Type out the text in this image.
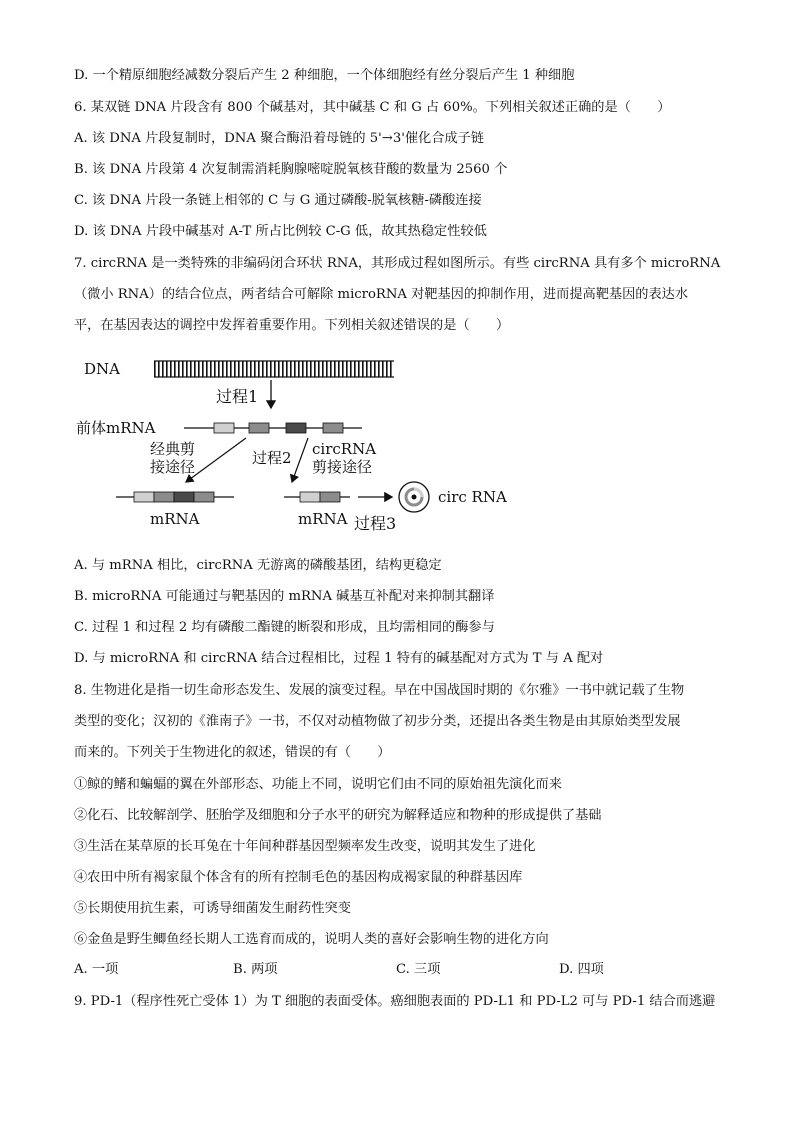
D. 一个精原细胞经减数分裂后产生 2 种细胞，一个体细胞经有丝分裂后产生 1 种细胞
6. 某双链 DNA 片段含有 800 个碱基对，其中碱基 C 和 G 占 60%。下列相关叙述正确的是（　　）
A. 该 DNA 片段复制时，DNA 聚合酶沿着母链的 5'→3'催化合成子链
B. 该 DNA 片段第 4 次复制需消耗胸腺嘧啶脱氧核苷酸的数量为 2560 个
C. 该 DNA 片段一条链上相邻的 C 与 G 通过磷酸-脱氧核糖-磷酸连接
D. 该 DNA 片段中碱基对 A-T 所占比例较 C-G 低，故其热稳定性较低
7. circRNA 是一类特殊的非编码闭合环状 RNA，其形成过程如图所示。有些 circRNA 具有多个 microRNA
（微小 RNA）的结合位点，两者结合可解除 microRNA 对靶基因的抑制作用，进而提高靶基因的表达水
平，在基因表达的调控中发挥着重要作用。下列相关叙述错误的是（　　）
DNA
过程1
前体mRNA
经典剪
接途径	过程2 circRNA
剪接途径
mRNA	mRNA 过程3
circ RNA
A. 与 mRNA 相比，circRNA 无游离的磷酸基团，结构更稳定
B. microRNA 可能通过与靶基因的 mRNA 碱基互补配对来抑制其翻译
C. 过程 1 和过程 2 均有磷酸二酯键的断裂和形成，且均需相同的酶参与
D. 与 microRNA 和 circRNA 结合过程相比，过程 1 特有的碱基配对方式为 T 与 A 配对
8. 生物进化是指一切生命形态发生、发展的演变过程。早在中国战国时期的《尔雅》一书中就记载了生物
类型的变化；汉初的《淮南子》一书，不仅对动植物做了初步分类，还提出各类生物是由其原始类型发展
而来的。下列关于生物进化的叙述，错误的有（　　）
①鲸的鳍和蝙蝠的翼在外部形态、功能上不同，说明它们由不同的原始祖先演化而来
②化石、比较解剖学、胚胎学及细胞和分子水平的研究为解释适应和物种的形成提供了基础
③生活在某草原的长耳兔在十年间种群基因型频率发生改变，说明其发生了进化
④农田中所有褐家鼠个体含有的所有控制毛色的基因构成褐家鼠的种群基因库
⑤长期使用抗生素，可诱导细菌发生耐药性突变
⑥金鱼是野生鲫鱼经长期人工选育而成的，说明人类的喜好会影响生物的进化方向
A. 一项	B. 两项	C. 三项	D. 四项
9. PD-1（程序性死亡受体 1）为 T 细胞的表面受体。癌细胞表面的 PD-L1 和 PD-L2 可与 PD-1 结合而逃避
